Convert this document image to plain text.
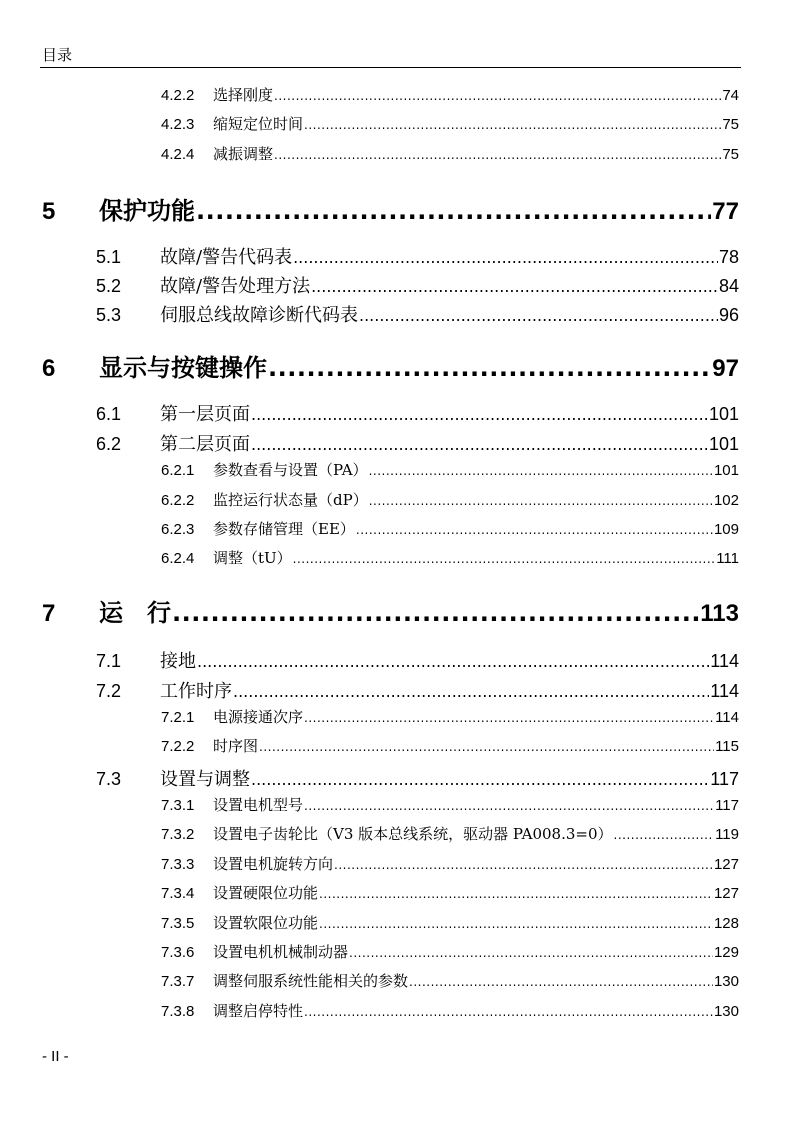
目录
4.2.2	选择刚度 .....	74
4.2.3	缩短定位时间 .....	75
4.2.4	减振调整 .....	75
5	保护功能 .....	77
5.1	故障/警告代码表 .....	78
5.2	故障/警告处理方法 .....	84
5.3	伺服总线故障诊断代码表 .....	96
6	显示与按键操作 .....	97
6.1	第一层页面 .....	101
6.2	第二层页面 .....	101
6.2.1	参数查看与设置（PA） .....	101
6.2.2	监控运行状态量（dP） .....	102
6.2.3	参数存储管理（EE） .....	109
6.2.4	调整（tU） .....	111
7	运　行 .....	113
7.1	接地 .....	114
7.2	工作时序 .....	114
7.2.1	电源接通次序 .....	114
7.2.2	时序图 .....	115
7.3	设置与调整 .....	117
7.3.1	设置电机型号 .....	117
7.3.2	设置电子齿轮比（V3 版本总线系统，驱动器 PA008.3=0） .....	119
7.3.3	设置电机旋转方向 .....	127
7.3.4	设置硬限位功能 .....	127
7.3.5	设置软限位功能 .....	128
7.3.6	设置电机机械制动器 .....	129
7.3.7	调整伺服系统性能相关的参数 .....	130
7.3.8	调整启停特性 .....	130
- II -
